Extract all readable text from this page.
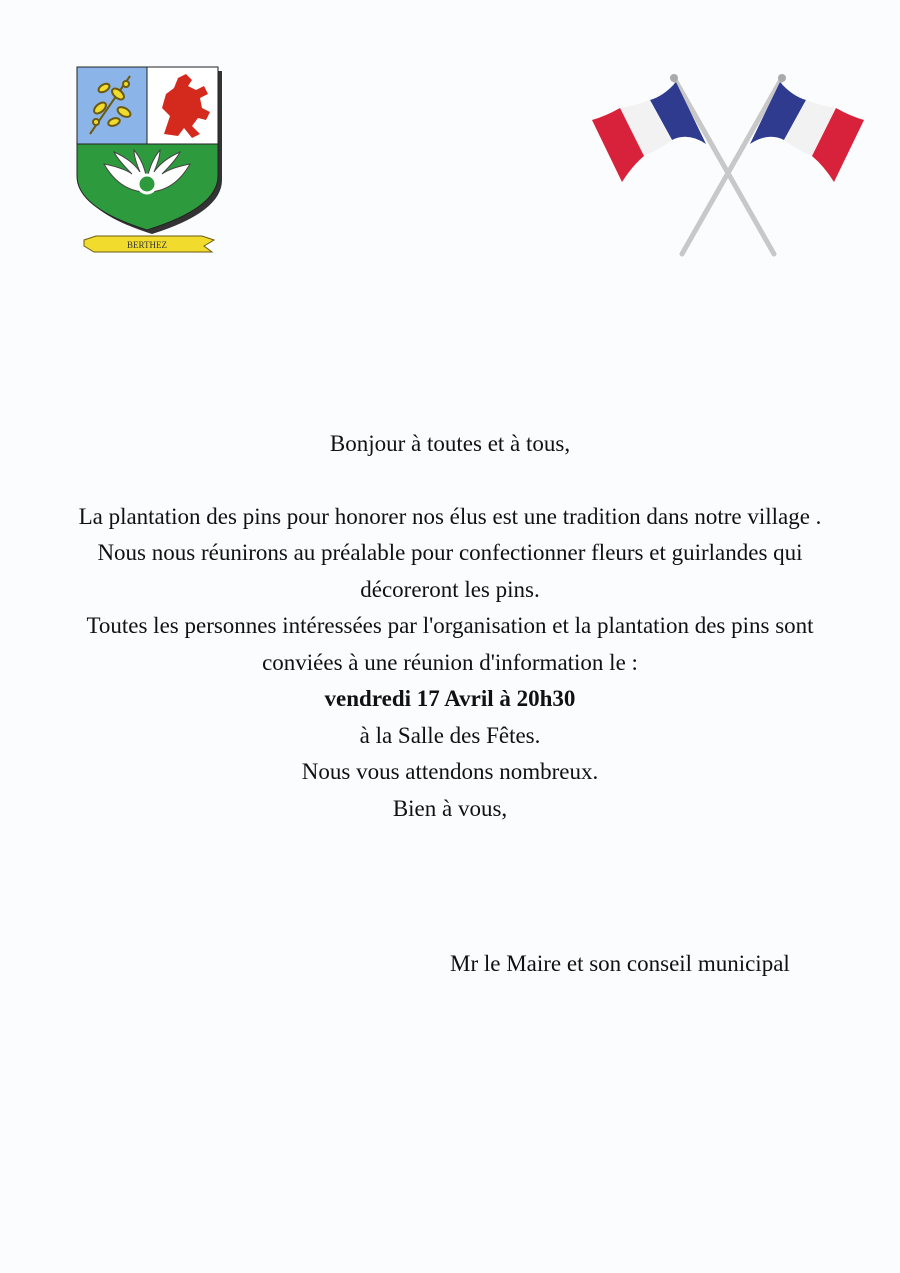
BERTHEZ

Bonjour à toutes et à tous,

La plantation des pins pour honorer nos élus est une tradition dans notre village .

Nous nous réunirons au préalable pour confectionner fleurs et guirlandes qui

décoreront les pins.

Toutes les personnes intéressées par l'organisation et la plantation des pins sont

conviées à une réunion d'information le :

vendredi 17 Avril à 20h30

à la Salle des Fêtes.

Nous vous attendons nombreux.

Bien à vous,

Mr le Maire et son conseil municipal
